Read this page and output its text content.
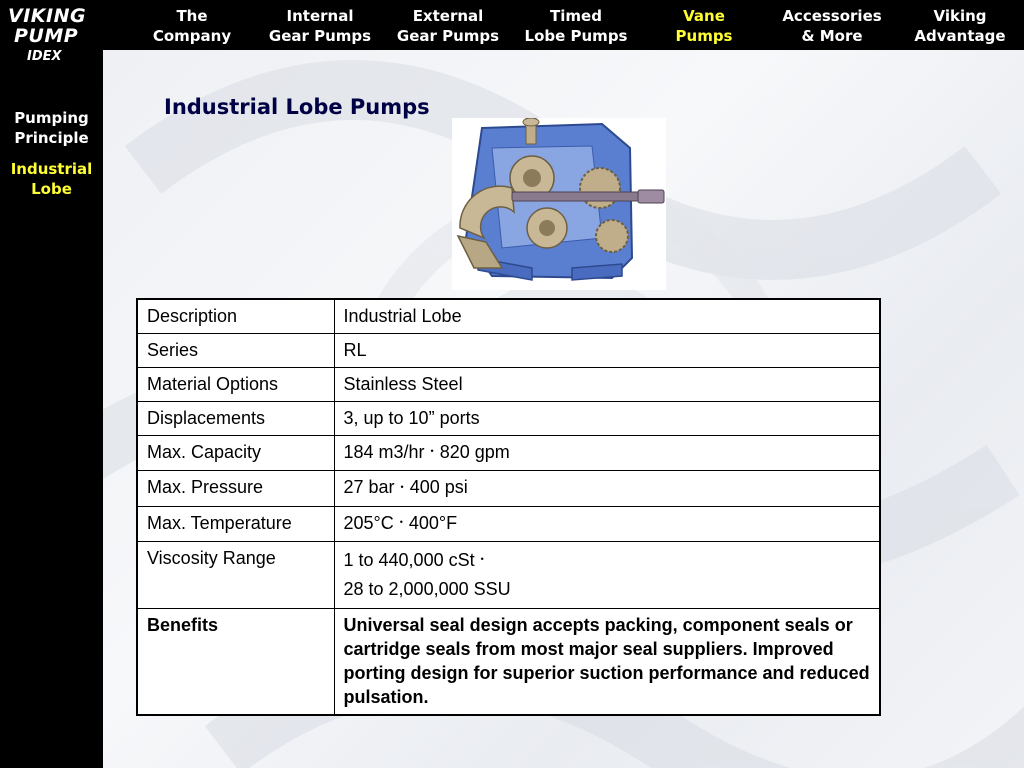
VIKING
PUMP
IDEX
The
Company
Internal
Gear Pumps
External
Gear Pumps
Timed
Lobe Pumps
Vane
Pumps
Accessories
& More
Viking
Advantage
Pumping
Principle
Industrial
Lobe
Industrial Lobe Pumps
Description	Industrial Lobe
Series	RL
Material Options	Stainless Steel
Displacements	3, up to 10” ports
Max. Capacity	184 m3/hr • 820 gpm
Max. Pressure	27 bar • 400 psi
Max. Temperature	205°C • 400°F
Viscosity Range	1 to 440,000 cSt •
28 to 2,000,000 SSU
Benefits	Universal seal design accepts packing, component seals or cartridge seals from most major seal suppliers. Improved porting design for superior suction performance and reduced pulsation.
